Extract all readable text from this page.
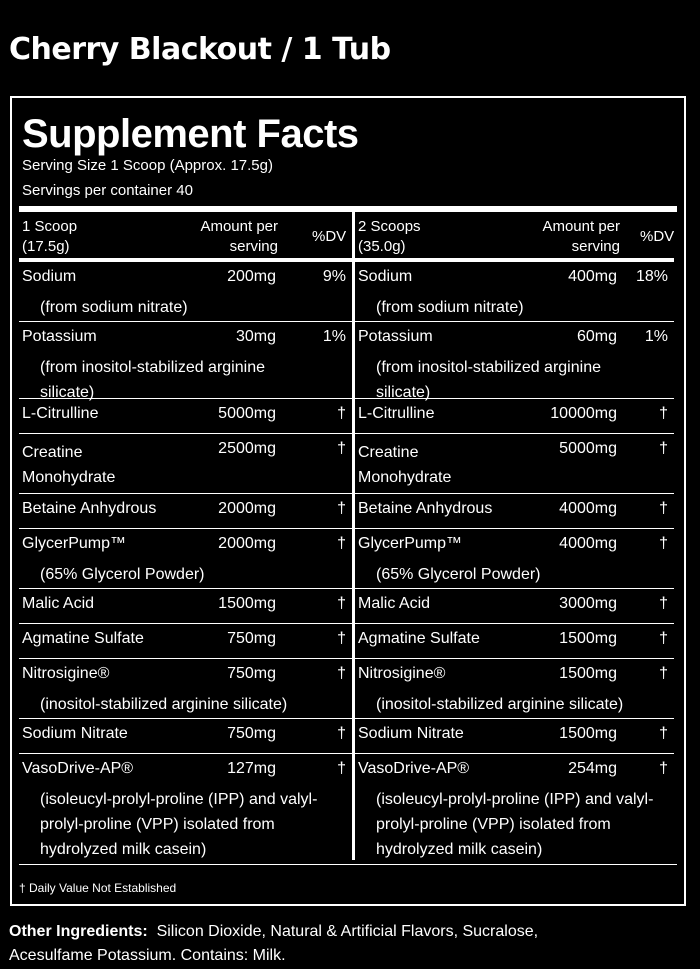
Cherry Blackout / 1 Tub
Supplement Facts
Serving Size 1 Scoop (Approx. 17.5g)
Servings per container 40
1 Scoop
(17.5g)
Amount per
serving
%DV
Sodium	200mg	9%
(from sodium nitrate)
Potassium	30mg	1%
(from inositol-stabilized arginine
silicate)
L-Citrulline	5000mg	†
Creatine
Monohydrate
2500mg	†
Betaine Anhydrous	2000mg	†
GlycerPump™	2000mg	†
(65% Glycerol Powder)
Malic Acid	1500mg	†
Agmatine Sulfate	750mg	†
Nitrosigine®	750mg	†
(inositol-stabilized arginine silicate)
Sodium Nitrate	750mg	†
VasoDrive-AP®	127mg	†
(isoleucyl-prolyl-proline (IPP) and valyl-
prolyl-proline (VPP) isolated from
hydrolyzed milk casein)
2 Scoops
(35.0g)
Amount per
serving
%DV
Sodium	400mg 18%
(from sodium nitrate)
Potassium	60mg 1%
(from inositol-stabilized arginine
silicate)
L-Citrulline	10000mg	†
Creatine
Monohydrate
5000mg	†
Betaine Anhydrous	4000mg	†
GlycerPump™	4000mg	†
(65% Glycerol Powder)
Malic Acid	3000mg	†
Agmatine Sulfate	1500mg	†
Nitrosigine®	1500mg	†
(inositol-stabilized arginine silicate)
Sodium Nitrate	1500mg	†
VasoDrive-AP®	254mg	†
(isoleucyl-prolyl-proline (IPP) and valyl-
prolyl-proline (VPP) isolated from
hydrolyzed milk casein)
† Daily Value Not Established
Other Ingredients: Silicon Dioxide, Natural & Artificial Flavors, Sucralose,
Acesulfame Potassium. Contains: Milk.
